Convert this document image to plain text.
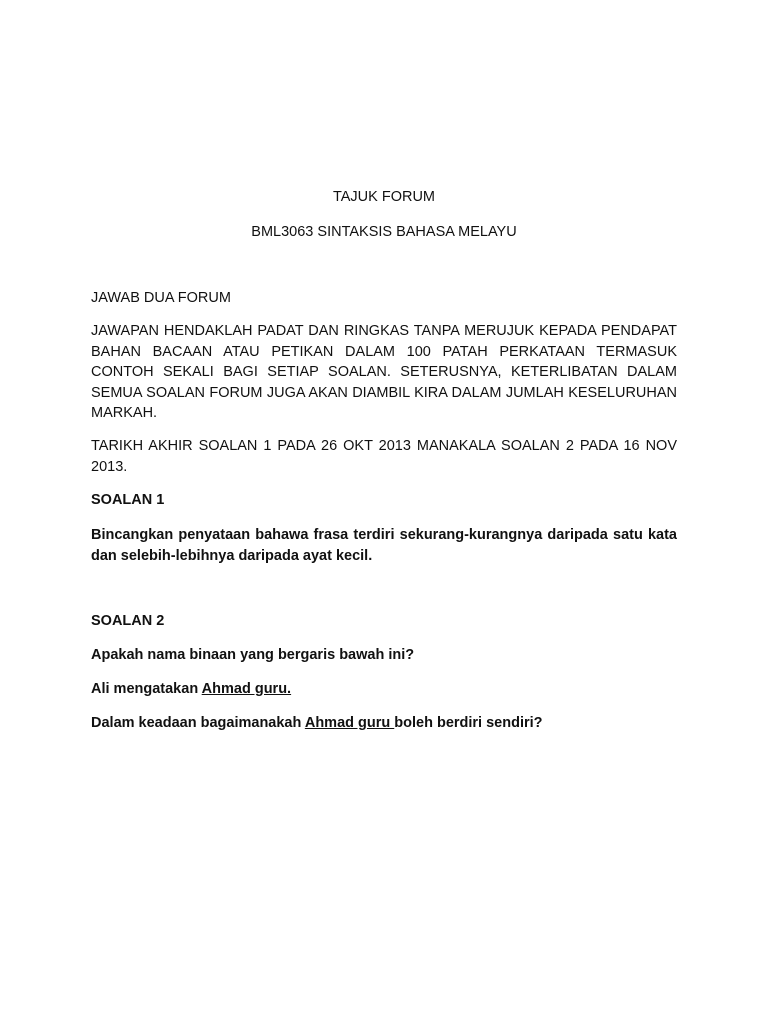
TAJUK FORUM

BML3063 SINTAKSIS BAHASA MELAYU

JAWAB DUA FORUM

JAWAPAN HENDAKLAH PADAT DAN RINGKAS TANPA MERUJUK KEPADA PENDAPAT BAHAN BACAAN ATAU PETIKAN DALAM 100 PATAH PERKATAAN TERMASUK CONTOH SEKALI BAGI SETIAP SOALAN. SETERUSNYA, KETERLIBATAN DALAM SEMUA SOALAN FORUM JUGA AKAN DIAMBIL KIRA DALAM JUMLAH KESELURUHAN MARKAH.

TARIKH AKHIR SOALAN 1 PADA 26 OKT 2013 MANAKALA SOALAN 2 PADA 16 NOV 2013.

SOALAN 1

Bincangkan penyataan bahawa frasa terdiri sekurang-kurangnya daripada satu kata dan selebih-lebihnya daripada ayat kecil.

SOALAN 2

Apakah nama binaan yang bergaris bawah ini?

Ali mengatakan Ahmad guru.

Dalam keadaan bagaimanakah Ahmad guru boleh berdiri sendiri?
